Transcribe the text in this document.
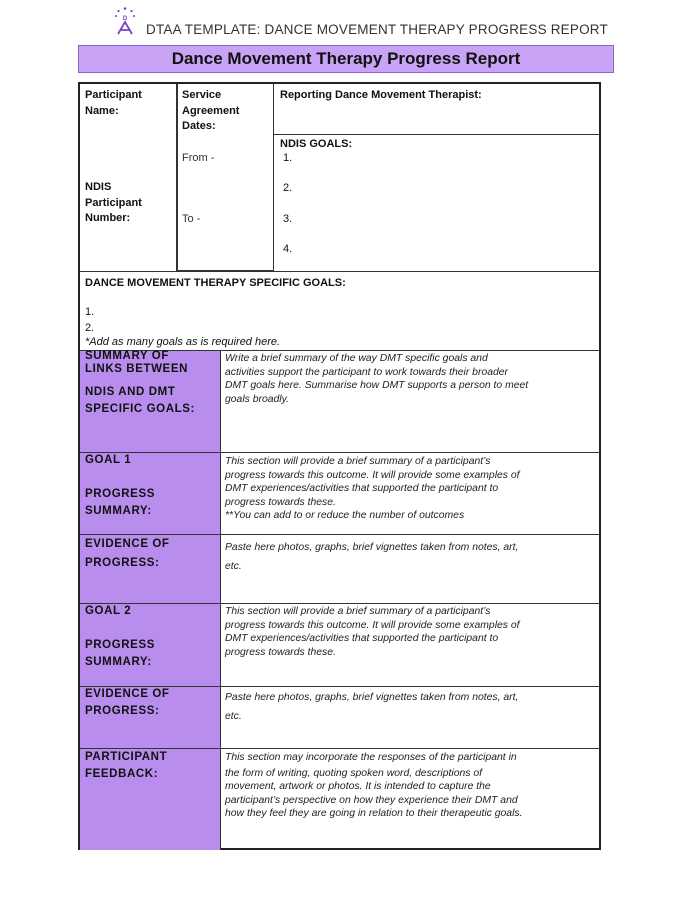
D
DTAA TEMPLATE: DANCE MOVEMENT THERAPY PROGRESS REPORT
Dance Movement Therapy Progress Report
Participant
Name:
NDIS
Participant
Number:
Service
Agreement
Dates:
From -
To -
Reporting Dance Movement Therapist:
NDIS GOALS:
1.
2.
3.
4.
DANCE MOVEMENT THERAPY SPECIFIC GOALS:
1.
2.
*Add as many goals as is required here.
SUMMARY OF
LINKS BETWEEN
NDIS AND DMT
SPECIFIC GOALS:
Write a brief summary of the way DMT specific goals and
activities support the participant to work towards their broader
DMT goals here. Summarise how DMT supports a person to meet
goals broadly.
GOAL 1
PROGRESS
SUMMARY:
This section will provide a brief summary of a participant’s
progress towards this outcome. It will provide some examples of
DMT experiences/activities that supported the participant to
progress towards these.
**You can add to or reduce the number of outcomes
EVIDENCE OF
PROGRESS:
Paste here photos, graphs, brief vignettes taken from notes, art,
etc.
GOAL 2
PROGRESS
SUMMARY:
This section will provide a brief summary of a participant’s
progress towards this outcome. It will provide some examples of
DMT experiences/activities that supported the participant to
progress towards these.
EVIDENCE OF
PROGRESS:
Paste here photos, graphs, brief vignettes taken from notes, art,
etc.
PARTICIPANT
FEEDBACK:
This section may incorporate the responses of the participant in
the form of writing, quoting spoken word, descriptions of
movement, artwork or photos. It is intended to capture the
participant’s perspective on how they experience their DMT and
how they feel they are going in relation to their therapeutic goals.
